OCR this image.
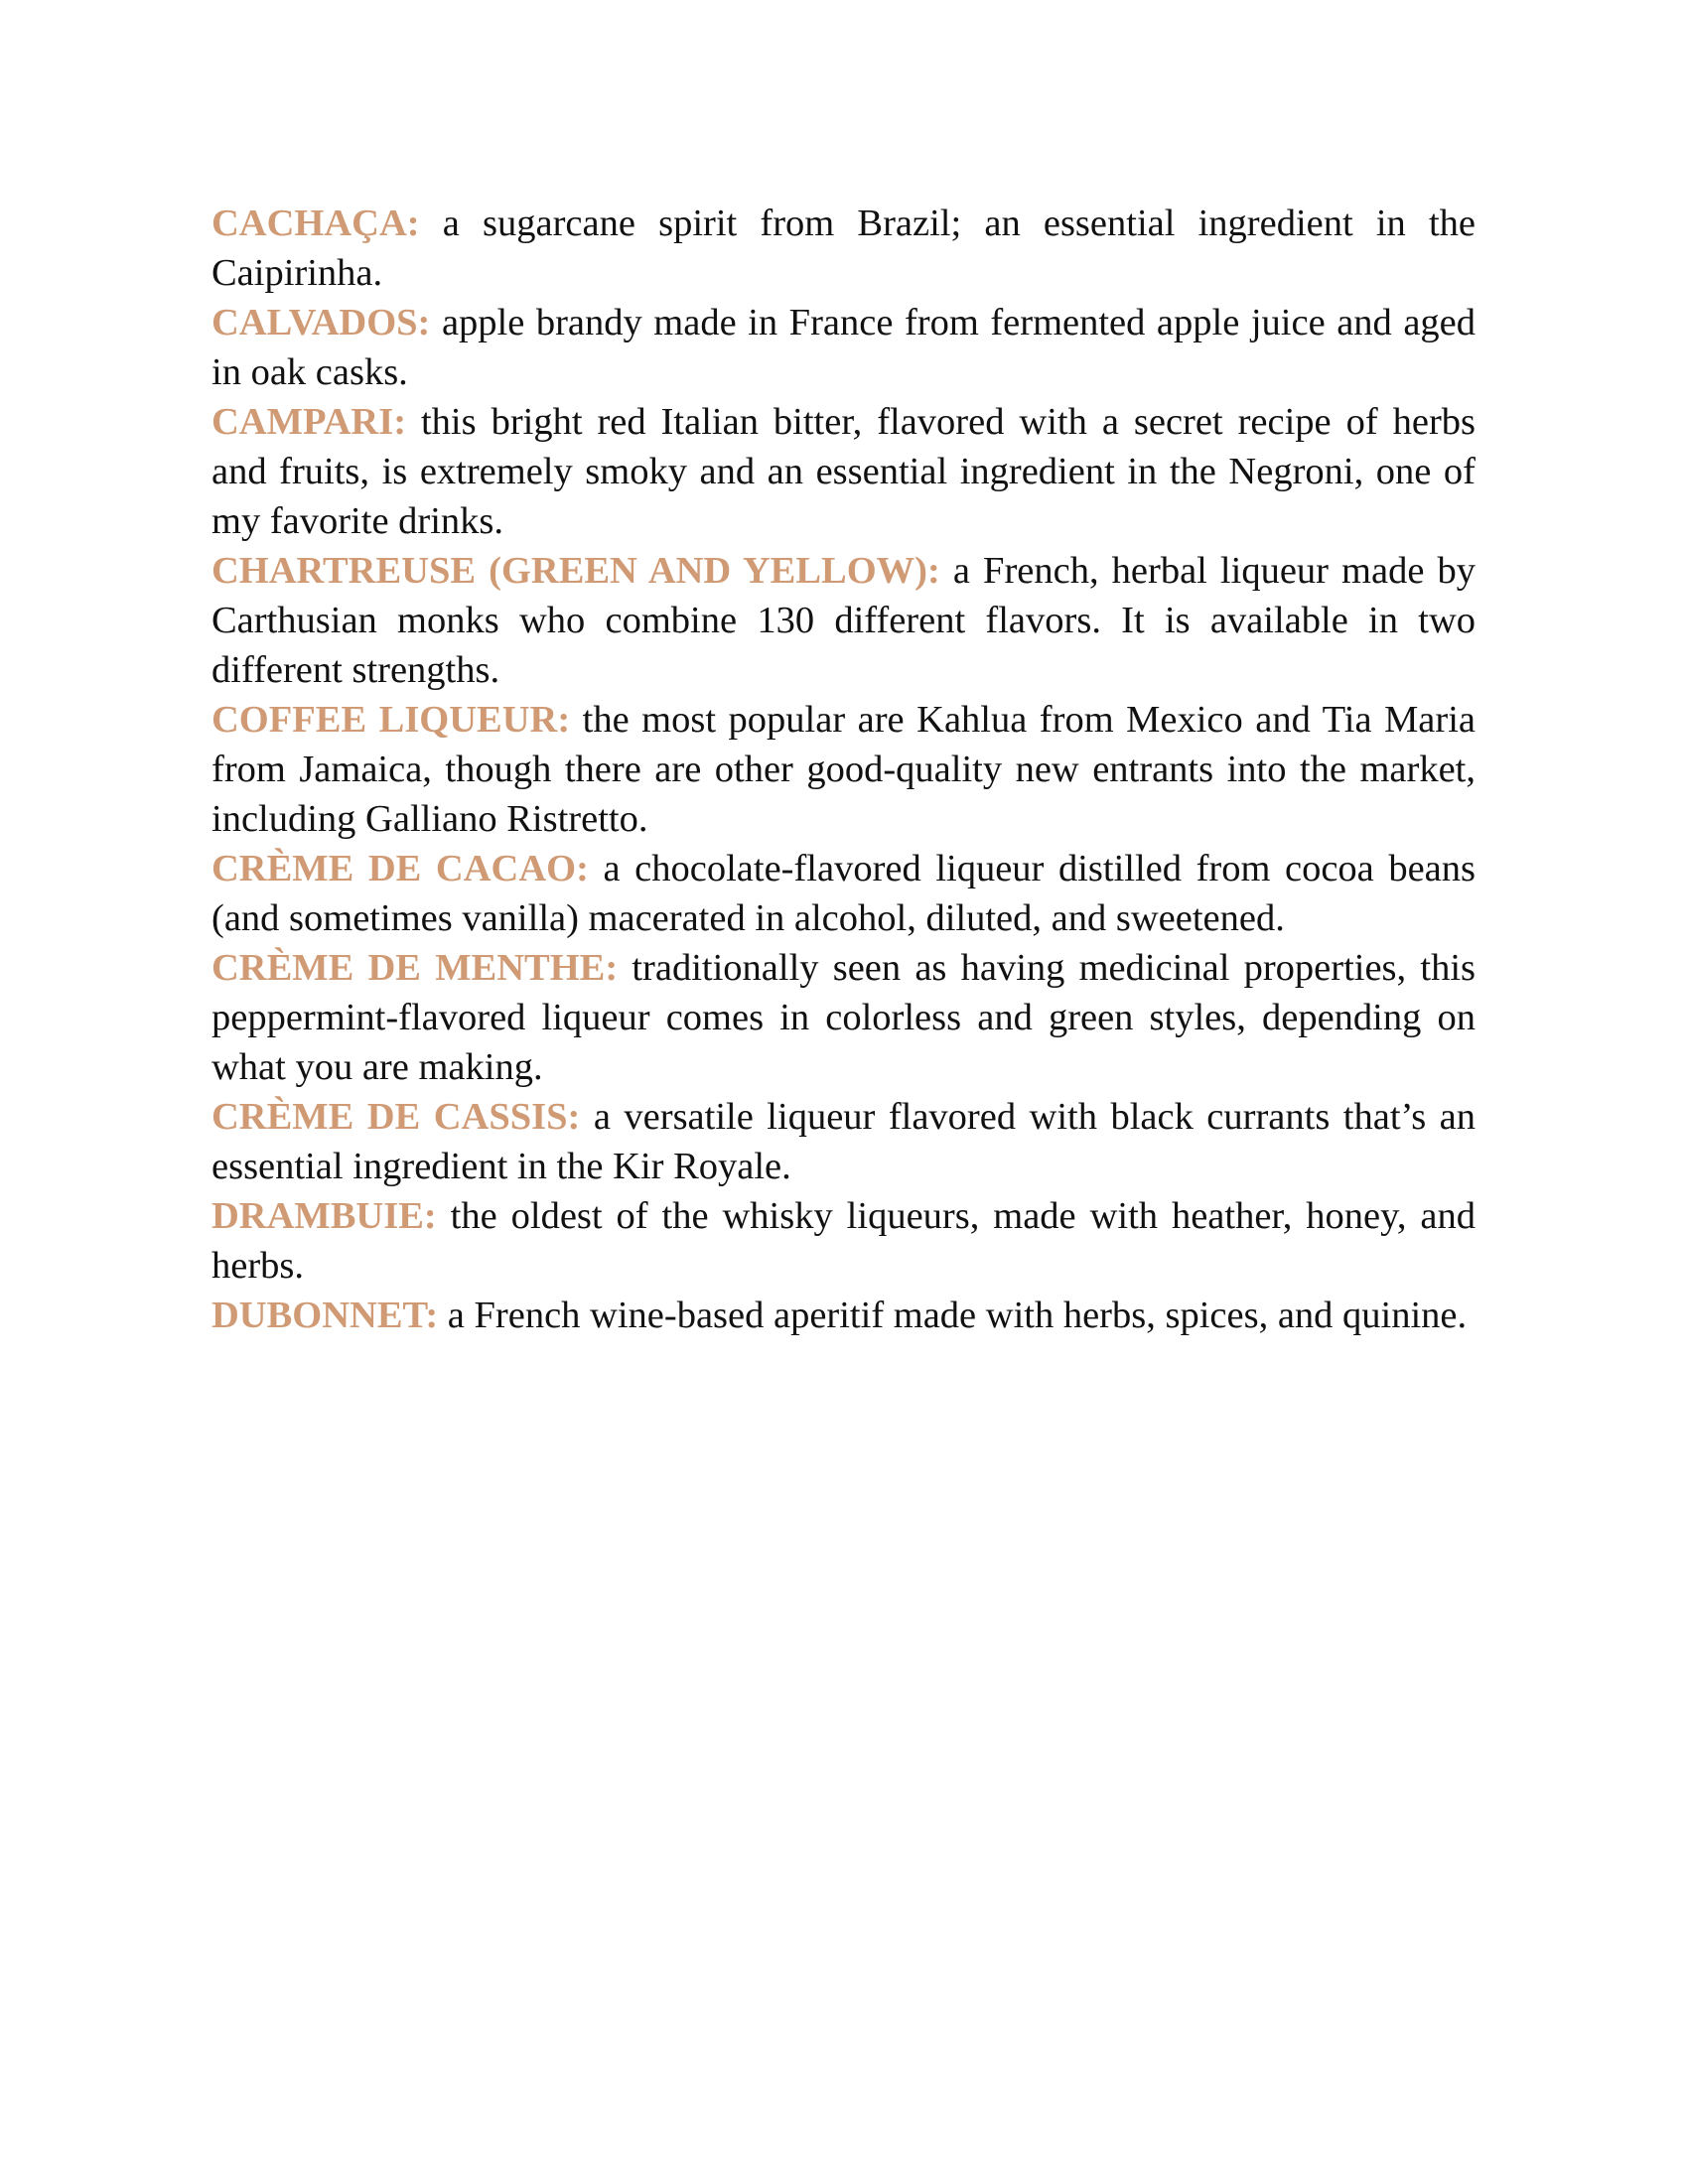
CACHAÇA: a sugarcane spirit from Brazil; an essential ingredient in the Caipirinha.

CALVADOS: apple brandy made in France from fermented apple juice and aged in oak casks.

CAMPARI: this bright red Italian bitter, flavored with a secret recipe of herbs and fruits, is extremely smoky and an essential ingredient in the Negroni, one of my favorite drinks.

CHARTREUSE (GREEN AND YELLOW): a French, herbal liqueur made by Carthusian monks who combine 130 different flavors. It is available in two different strengths.

COFFEE LIQUEUR: the most popular are Kahlua from Mexico and Tia Maria from Jamaica, though there are other good-quality new entrants into the market, including Galliano Ristretto.

CRÈME DE CACAO: a chocolate-flavored liqueur distilled from cocoa beans (and sometimes vanilla) macerated in alcohol, diluted, and sweetened.

CRÈME DE MENTHE: traditionally seen as having medicinal properties, this peppermint-flavored liqueur comes in colorless and green styles, depending on what you are making.

CRÈME DE CASSIS: a versatile liqueur flavored with black currants that’s an essential ingredient in the Kir Royale.

DRAMBUIE: the oldest of the whisky liqueurs, made with heather, honey, and herbs.

DUBONNET: a French wine-based aperitif made with herbs, spices, and quinine.
